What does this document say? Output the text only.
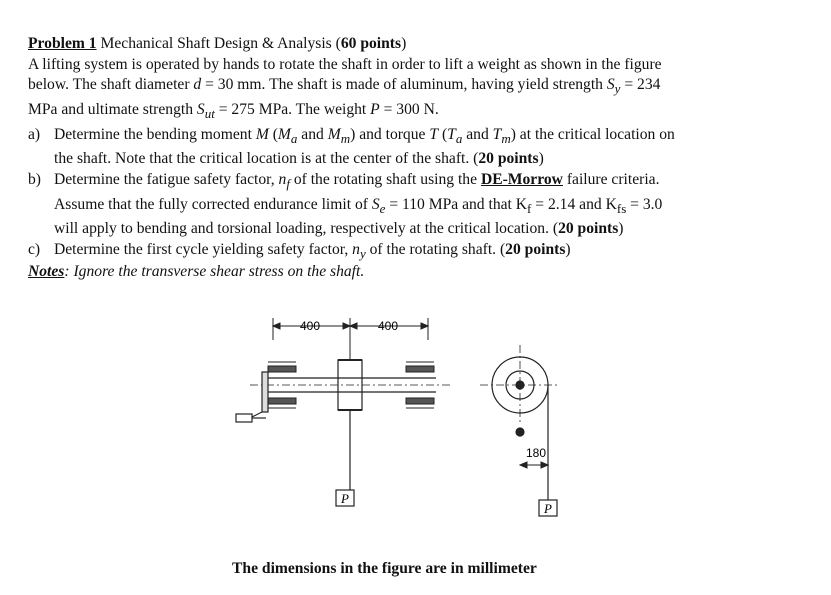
Problem 1 Mechanical Shaft Design & Analysis (60 points)

A lifting system is operated by hands to rotate the shaft in order to lift a weight as shown in the figure

below. The shaft diameter d = 30 mm. The shaft is made of aluminum, having yield strength $S_y = 234$

MPa and ultimate strength $S_{ut} = 275$ MPa. The weight P = 300 N.

a) Determine the bending moment M ($M_a$ and $M_m$) and torque T ($T_a$ and $T_m$) at the critical location on

the shaft. Note that the critical location is at the center of the shaft. (20 points)

b) Determine the fatigue safety factor, $n_f$ of the rotating shaft using the DE-Morrow failure criteria.

Assume that the fully corrected endurance limit of $S_e = 110$ MPa and that $K_f = 2.14$ and $K_{fs} = 3.0$

will apply to bending and torsional loading, respectively at the critical location. (20 points)

c) Determine the first cycle yielding safety factor, $n_y$ of the rotating shaft. (20 points)

Notes: Ignore the transverse shear stress on the shaft.
400	400
P
180
P
The dimensions in the figure are in millimeter
